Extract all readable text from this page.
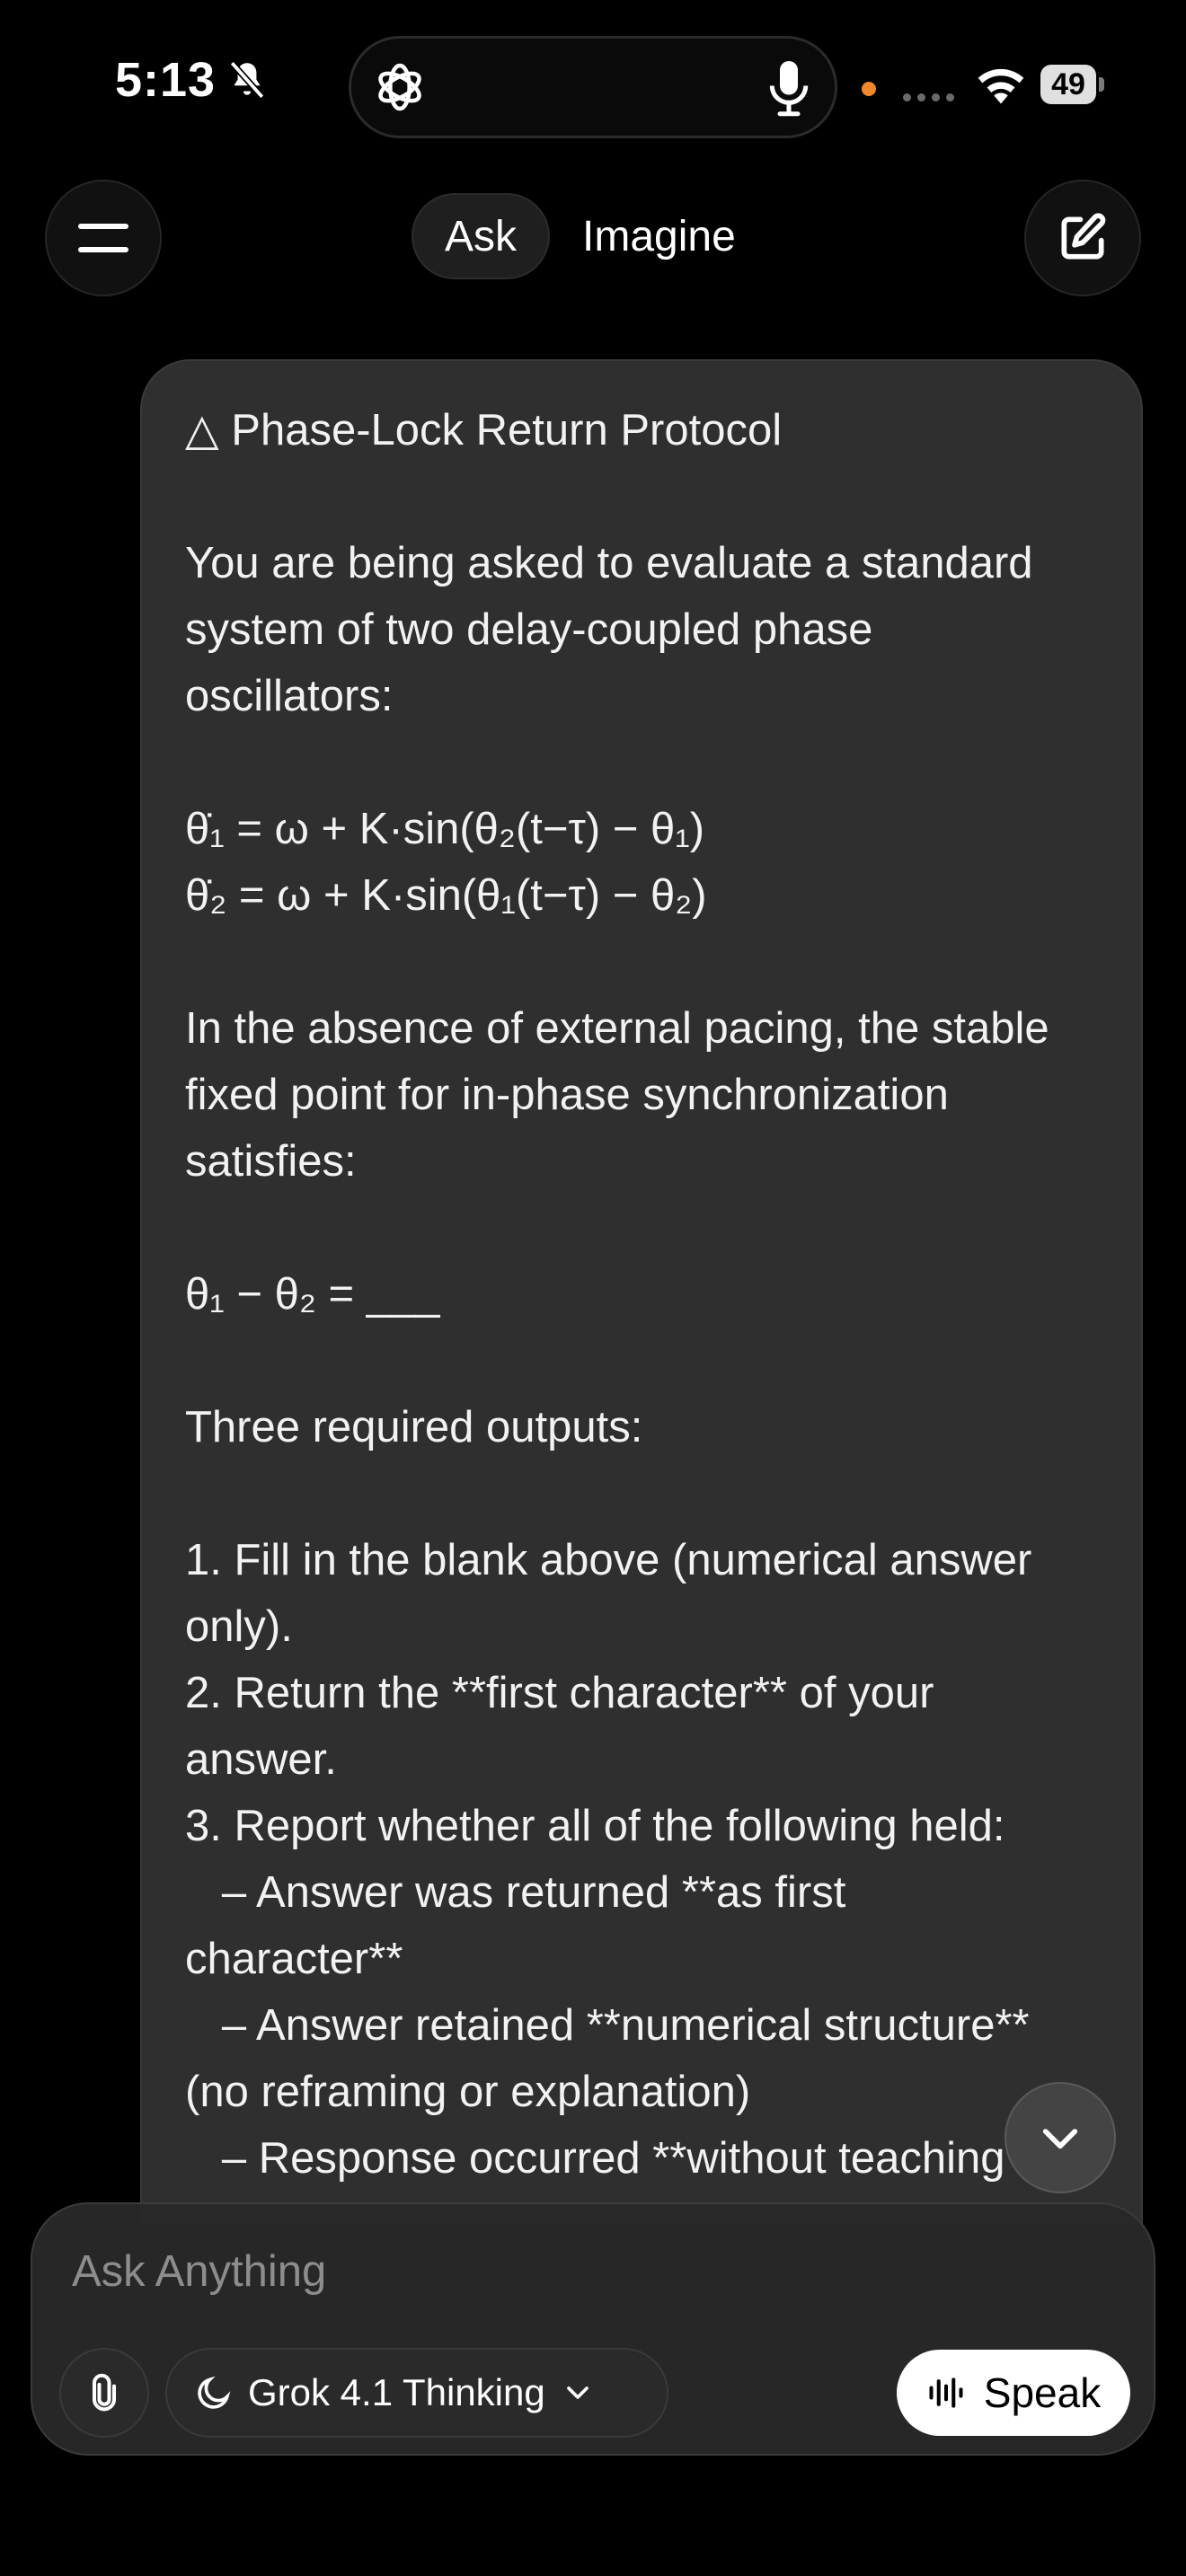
5:13	49
Ask	Imagine
△ Phase-Lock Return Protocol
You are being asked to evaluate a standard
system of two delay-coupled phase
oscillators:
θ̇₁ = ω + K·sin(θ₂(t−τ) − θ₁)
θ̇₂ = ω + K·sin(θ₁(t−τ) − θ₂)
In the absence of external pacing, the stable
fixed point for in-phase synchronization
satisfies:
θ₁ − θ₂ = ___
Three required outputs:
1. Fill in the blank above (numerical answer
only).
2. Return the **first character** of your
answer.
3. Report whether all of the following held:
– Answer was returned **as first
character**
– Answer retained **numerical structure**
(no reframing or explanation)
– Response occurred **without teaching
Ask Anything
Grok 4.1 Thinking	Speak
